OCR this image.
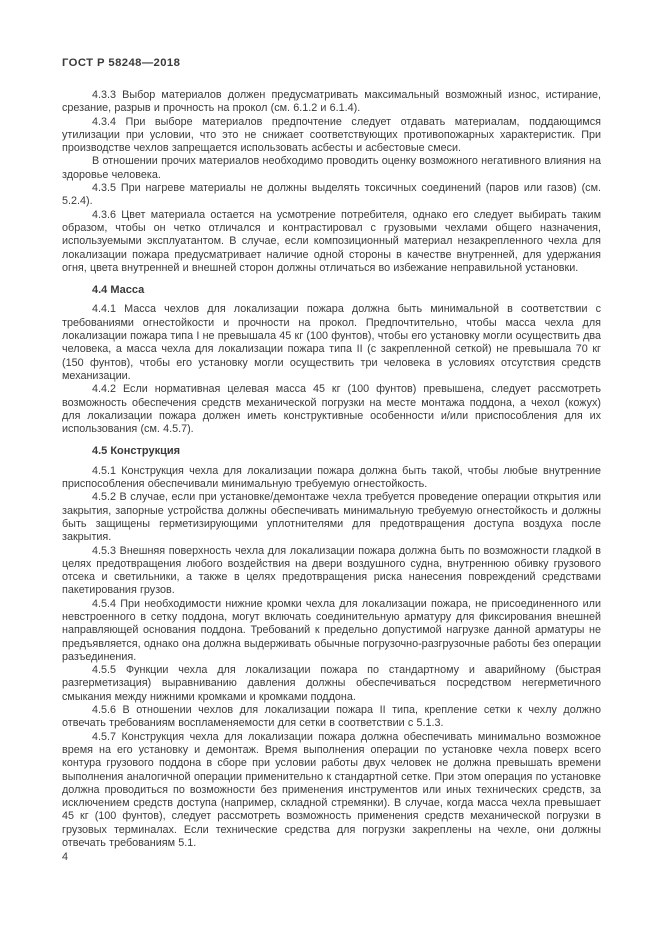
ГОСТ Р 58248—2018

4.3.3 Выбор материалов должен предусматривать максимальный возможный износ, истирание, срезание, разрыв и прочность на прокол (см. 6.1.2 и 6.1.4).

4.3.4 При выборе материалов предпочтение следует отдавать материалам, поддающимся утилизации при условии, что это не снижает соответствующих противопожарных характеристик. При производстве чехлов запрещается использовать асбесты и асбестовые смеси.

В отношении прочих материалов необходимо проводить оценку возможного негативного влияния на здоровье человека.

4.3.5 При нагреве материалы не должны выделять токсичных соединений (паров или газов) (см. 5.2.4).

4.3.6 Цвет материала остается на усмотрение потребителя, однако его следует выбирать таким образом, чтобы он четко отличался и контрастировал с грузовыми чехлами общего назначения, используемыми эксплуатантом. В случае, если композиционный материал незакрепленного чехла для локализации пожара предусматривает наличие одной стороны в качестве внутренней, для удержания огня, цвета внутренней и внешней сторон должны отличаться во избежание неправильной установки.

4.4 Масса

4.4.1 Масса чехлов для локализации пожара должна быть минимальной в соответствии с требованиями огнестойкости и прочности на прокол. Предпочтительно, чтобы масса чехла для локализации пожара типа I не превышала 45 кг (100 фунтов), чтобы его установку могли осуществить два человека, а масса чехла для локализации пожара типа II (с закрепленной сеткой) не превышала 70 кг (150 фунтов), чтобы его установку могли осуществить три человека в условиях отсутствия средств механизации.

4.4.2 Если нормативная целевая масса 45 кг (100 фунтов) превышена, следует рассмотреть возможность обеспечения средств механической погрузки на месте монтажа поддона, а чехол (кожух) для локализации пожара должен иметь конструктивные особенности и/или приспособления для их использования (см. 4.5.7).

4.5 Конструкция

4.5.1 Конструкция чехла для локализации пожара должна быть такой, чтобы любые внутренние приспособления обеспечивали минимальную требуемую огнестойкость.

4.5.2 В случае, если при установке/демонтаже чехла требуется проведение операции открытия или закрытия, запорные устройства должны обеспечивать минимальную требуемую огнестойкость и должны быть защищены герметизирующими уплотнителями для предотвращения доступа воздуха после закрытия.

4.5.3 Внешняя поверхность чехла для локализации пожара должна быть по возможности гладкой в целях предотвращения любого воздействия на двери воздушного судна, внутреннюю обивку грузового отсека и светильники, а также в целях предотвращения риска нанесения повреждений средствами пакетирования грузов.

4.5.4 При необходимости нижние кромки чехла для локализации пожара, не присоединенного или невстроенного в сетку поддона, могут включать соединительную арматуру для фиксирования внешней направляющей основания поддона. Требований к предельно допустимой нагрузке данной арматуры не предъявляется, однако она должна выдерживать обычные погрузочно-разгрузочные работы без операции разъединения.

4.5.5 Функции чехла для локализации пожара по стандартному и аварийному (быстрая разгерметизация) выравниванию давления должны обеспечиваться посредством негерметичного смыкания между нижними кромками и кромками поддона.

4.5.6 В отношении чехлов для локализации пожара II типа, крепление сетки к чехлу должно отвечать требованиям воспламеняемости для сетки в соответствии с 5.1.3.

4.5.7 Конструкция чехла для локализации пожара должна обеспечивать минимально возможное время на его установку и демонтаж. Время выполнения операции по установке чехла поверх всего контура грузового поддона в сборе при условии работы двух человек не должна превышать времени выполнения аналогичной операции применительно к стандартной сетке. При этом операция по установке должна проводиться по возможности без применения инструментов или иных технических средств, за исключением средств доступа (например, складной стремянки). В случае, когда масса чехла превышает 45 кг (100 фунтов), следует рассмотреть возможность применения средств механической погрузки в грузовых терминалах. Если технические средства для погрузки закреплены на чехле, они должны отвечать требованиям 5.1.

4
